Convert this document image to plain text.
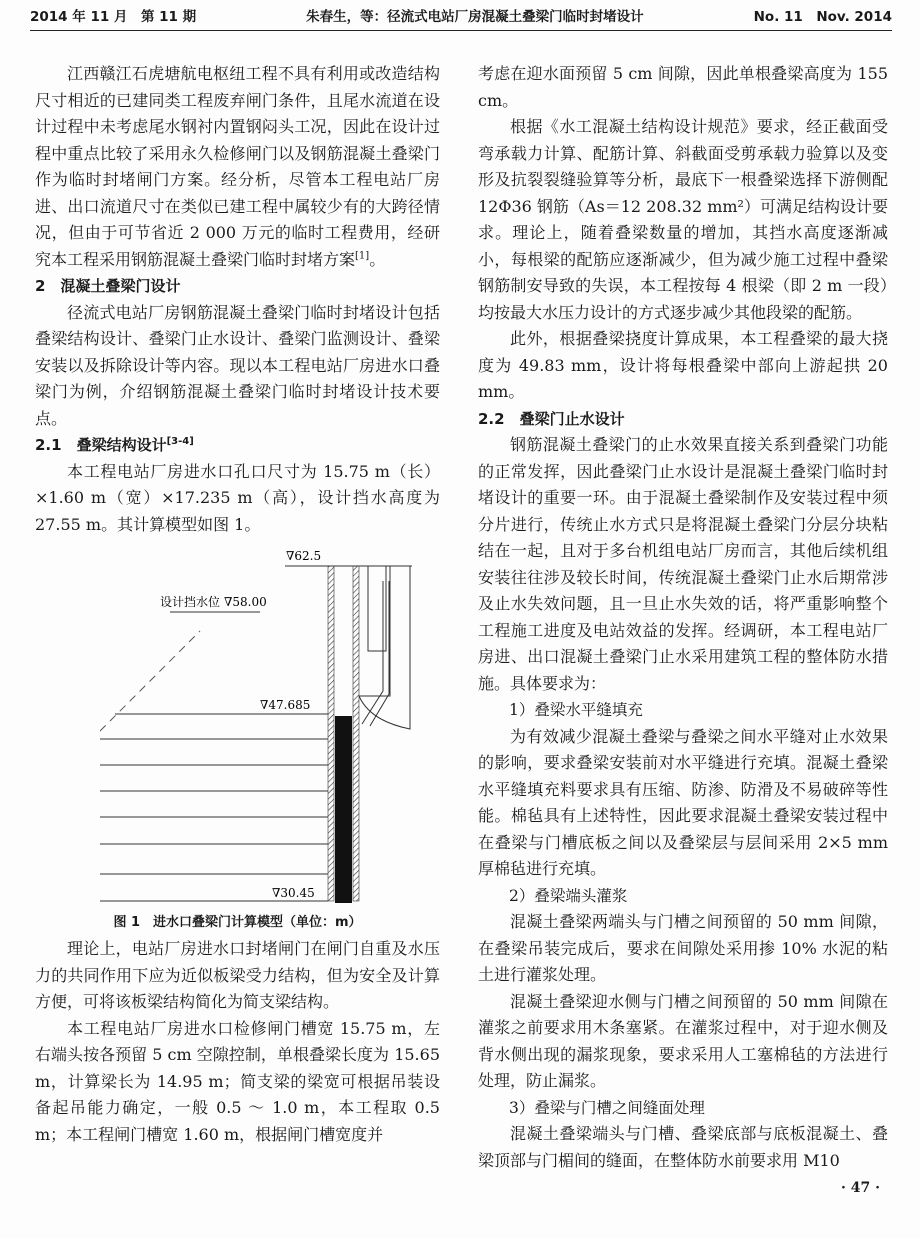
2014 年 11 月　第 11 期	朱春生，等：径流式电站厂房混凝土叠梁门临时封堵设计	No. 11　Nov. 2014

江西赣江石虎塘航电枢纽工程不具有利用或改造结构尺寸相近的已建同类工程废弃闸门条件，且尾水流道在设计过程中未考虑尾水钢衬内置钢闷头工况，因此在设计过程中重点比较了采用永久检修闸门以及钢筋混凝土叠梁门作为临时封堵闸门方案。经分析，尽管本工程电站厂房进、出口流道尺寸在类似已建工程中属较少有的大跨径情况，但由于可节省近 2 000 万元的临时工程费用，经研究本工程采用钢筋混凝土叠梁门临时封堵方案[1]。

2　混凝土叠梁门设计

径流式电站厂房钢筋混凝土叠梁门临时封堵设计包括叠梁结构设计、叠梁门止水设计、叠梁门监测设计、叠梁安装以及拆除设计等内容。现以本工程电站厂房进水口叠梁门为例，介绍钢筋混凝土叠梁门临时封堵设计技术要点。

2.1　叠梁结构设计[3-4]

本工程电站厂房进水口孔口尺寸为 15.75 m（长）×1.60 m（宽）×17.235 m（高），设计挡水高度为 27.55 m。其计算模型如图 1。

∇62.5
设计挡水位 ∇58.00
∇47.685
∇30.45

图 1　进水口叠梁门计算模型（单位：m）

理论上，电站厂房进水口封堵闸门在闸门自重及水压力的共同作用下应为近似板梁受力结构，但为安全及计算方便，可将该板梁结构简化为简支梁结构。

本工程电站厂房进水口检修闸门槽宽 15.75 m，左右端头按各预留 5 cm 空隙控制，单根叠梁长度为 15.65 m，计算梁长为 14.95 m；简支梁的梁宽可根据吊装设备起吊能力确定，一般 0.5 ～ 1.0 m，本工程取 0.5 m；本工程闸门槽宽 1.60 m，根据闸门槽宽度并

考虑在迎水面预留 5 cm 间隙，因此单根叠梁高度为 155 cm。

根据《水工混凝土结构设计规范》要求，经正截面受弯承载力计算、配筋计算、斜截面受剪承载力验算以及变形及抗裂裂缝验算等分析，最底下一根叠梁选择下游侧配 12Φ36 钢筋（As＝12 208.32 mm²）可满足结构设计要求。理论上，随着叠梁数量的增加，其挡水高度逐渐减小，每根梁的配筋应逐渐减少，但为减少施工过程中叠梁钢筋制安导致的失误，本工程按每 4 根梁（即 2 m 一段）均按最大水压力设计的方式逐步减少其他段梁的配筋。

此外，根据叠梁挠度计算成果，本工程叠梁的最大挠度为 49.83 mm，设计将每根叠梁中部向上游起拱 20 mm。

2.2　叠梁门止水设计

钢筋混凝土叠梁门的止水效果直接关系到叠梁门功能的正常发挥，因此叠梁门止水设计是混凝土叠梁门临时封堵设计的重要一环。由于混凝土叠梁制作及安装过程中须分片进行，传统止水方式只是将混凝土叠梁门分层分块粘结在一起，且对于多台机组电站厂房而言，其他后续机组安装往往涉及较长时间，传统混凝土叠梁门止水后期常涉及止水失效问题，且一旦止水失效的话，将严重影响整个工程施工进度及电站效益的发挥。经调研，本工程电站厂房进、出口混凝土叠梁门止水采用建筑工程的整体防水措施。具体要求为：

1）叠梁水平缝填充

为有效减少混凝土叠梁与叠梁之间水平缝对止水效果的影响，要求叠梁安装前对水平缝进行充填。混凝土叠梁水平缝填充料要求具有压缩、防渗、防滑及不易破碎等性能。棉毡具有上述特性，因此要求混凝土叠梁安装过程中在叠梁与门槽底板之间以及叠梁层与层间采用 2×5 mm 厚棉毡进行充填。

2）叠梁端头灌浆

混凝土叠梁两端头与门槽之间预留的 50 mm 间隙，在叠梁吊装完成后，要求在间隙处采用掺 10% 水泥的粘土进行灌浆处理。

混凝土叠梁迎水侧与门槽之间预留的 50 mm 间隙在灌浆之前要求用木条塞紧。在灌浆过程中，对于迎水侧及背水侧出现的漏浆现象，要求采用人工塞棉毡的方法进行处理，防止漏浆。

3）叠梁与门槽之间缝面处理

混凝土叠梁端头与门槽、叠梁底部与底板混凝土、叠梁顶部与门楣间的缝面，在整体防水前要求用 M10

· 47 ·
